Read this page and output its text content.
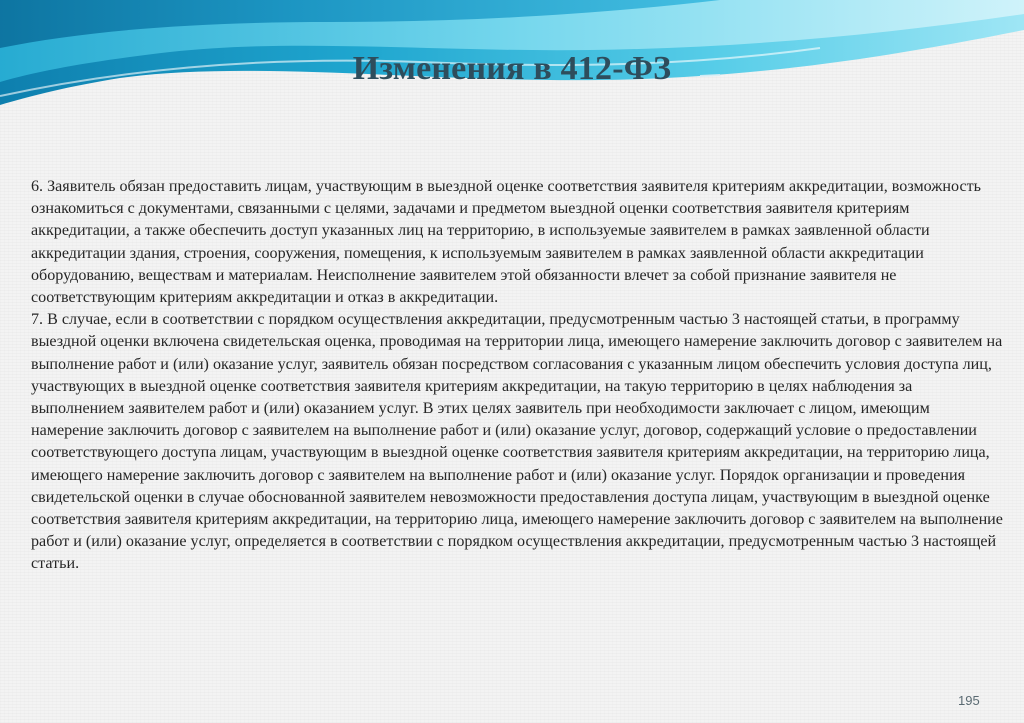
Изменения в 412-ФЗ

6. Заявитель обязан предоставить лицам, участвующим в выездной оценке соответствия заявителя критериям аккредитации, возможность ознакомиться с документами, связанными с целями, задачами и предметом выездной оценки соответствия заявителя критериям аккредитации, а также обеспечить доступ указанных лиц на территорию, в используемые заявителем в рамках заявленной области аккредитации здания, строения, сооружения, помещения, к используемым заявителем в рамках заявленной области аккредитации оборудованию, веществам и материалам. Неисполнение заявителем этой обязанности влечет за собой признание заявителя не соответствующим критериям аккредитации и отказ в аккредитации.

7. В случае, если в соответствии с порядком осуществления аккредитации, предусмотренным частью 3 настоящей статьи, в программу выездной оценки включена свидетельская оценка, проводимая на территории лица, имеющего намерение заключить договор с заявителем на выполнение работ и (или) оказание услуг, заявитель обязан посредством согласования с указанным лицом обеспечить условия доступа лиц, участвующих в выездной оценке соответствия заявителя критериям аккредитации, на такую территорию в целях наблюдения за выполнением заявителем работ и (или) оказанием услуг. В этих целях заявитель при необходимости заключает с лицом, имеющим намерение заключить договор с заявителем на выполнение работ и (или) оказание услуг, договор, содержащий условие о предоставлении соответствующего доступа лицам, участвующим в выездной оценке соответствия заявителя критериям аккредитации, на территорию лица, имеющего намерение заключить договор с заявителем на выполнение работ и (или) оказание услуг. Порядок организации и проведения свидетельской оценки в случае обоснованной заявителем невозможности предоставления доступа лицам, участвующим в выездной оценке соответствия заявителя критериям аккредитации, на территорию лица, имеющего намерение заключить договор с заявителем на выполнение работ и (или) оказание услуг, определяется в соответствии с порядком осуществления аккредитации, предусмотренным частью 3 настоящей статьи.

195
